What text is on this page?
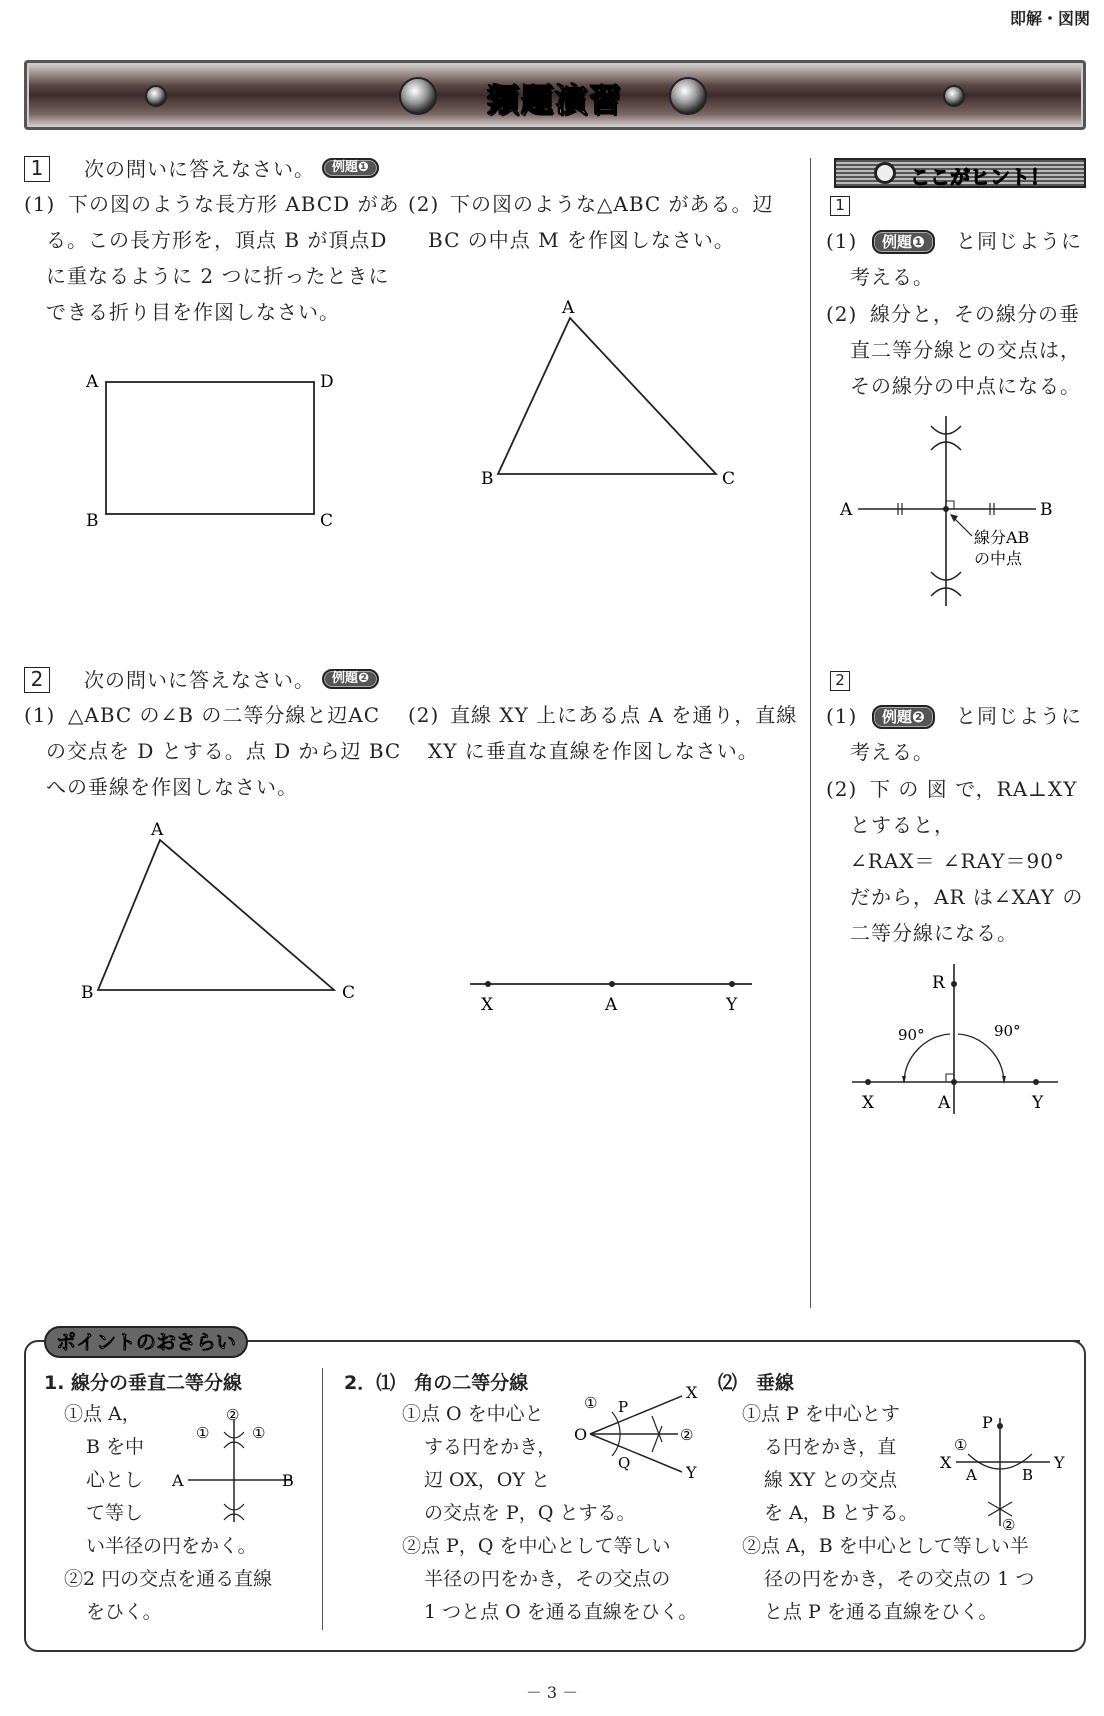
即解・図関
類題演習
1	次の問いに答えなさい。	例題❶
(1) 下の図のような長方形 ABCD があ
る。この長方形を，頂点 B が頂点D
に重なるように 2 つに折ったときに
できる折り目を作図しなさい。
(2) 下の図のような△ABC がある。辺
BC の中点 M を作図しなさい。
A	D
B	C
A
B	C
2	次の問いに答えなさい。	例題❷
(1) △ABC の∠B の二等分線と辺AC
の交点を D とする。点 D から辺 BC
への垂線を作図しなさい。
(2) 直線 XY 上にある点 A を通り，直線
XY に垂直な直線を作図しなさい。
A
B	C
X	A	Y
ここがヒント！
1
(1)	例題❶	と同じように
考える。
(2) 線分と，その線分の垂
直二等分線との交点は，
その線分の中点になる。
A	B
線分AB
の中点
2
(1)	例題❷	と同じように
考える。
(2) 下 の 図 で，RA⊥XY
とすると，
∠RAX＝ ∠RAY＝90°
だから，AR は∠XAY の
二等分線になる。
R
X	A	Y
90°	90°
ポイントのおさらい
1. 線分の垂直二等分線
①点 A，
B を中
心とし
て等し
い半径の円をかく。
②2 円の交点を通る直線
をひく。
①
②
①
A	B
2．⑴　角の二等分線
①点 O を中心と
する円をかき，
辺 OX，OY と
の交点を P，Q とする。
②点 P，Q を中心として等しい
半径の円をかき，その交点の
1 つと点 O を通る直線をひく。
O
P
Q
X
Y
①
②
⑵　垂線
①点 P を中心とす
る円をかき，直
線 XY との交点
を A，B とする。
②点 A，B を中心として等しい半
径の円をかき，その交点の 1 つ
と点 P を通る直線をひく。
P
X	Y
A	B
①
②
－ 3 －
